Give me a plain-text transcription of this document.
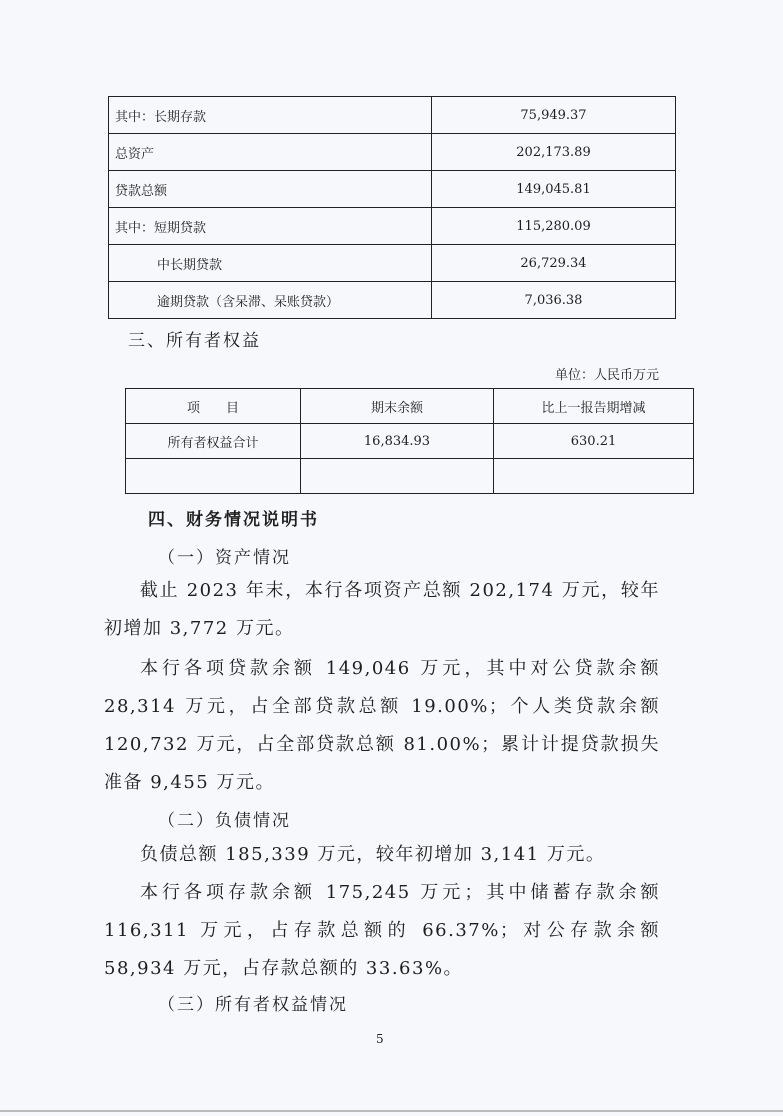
其中：长期存款	75,949.37
总资产	202,173.89
贷款总额	149,045.81
其中：短期贷款	115,280.09
中长期贷款	26,729.34
逾期贷款（含呆滞、呆账贷款）	7,036.38
三、所有者权益
单位：人民币万元
项　　目	期末余额	比上一报告期增减
所有者权益合计	16,834.93	630.21

四、财务情况说明书
（一）资产情况

截止 2023 年末，本行各项资产总额 202,174 万元，较年初增加 3,772 万元。

本行各项贷款余额 149,046 万元，其中对公贷款余额 28,314 万元，占全部贷款总额 19.00%；个人类贷款余额 120,732 万元，占全部贷款总额 81.00%；累计计提贷款损失准备 9,455 万元。

（二）负债情况

负债总额 185,339 万元，较年初增加 3,141 万元。

本行各项存款余额 175,245 万元；其中储蓄存款余额 116,311 万元，占存款总额的 66.37%；对公存款余额 58,934 万元，占存款总额的 33.63%。

（三）所有者权益情况
5
